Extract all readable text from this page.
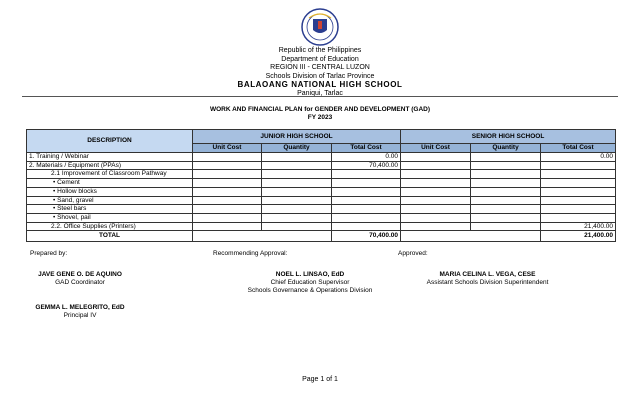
Republic of the Philippines
Department of Education
REGION III - CENTRAL LUZON
Schools Division of Tarlac Province
BALAOANG NATIONAL HIGH SCHOOL
Paniqui, Tarlac
WORK AND FINANCIAL PLAN for GENDER AND DEVELOPMENT (GAD)
FY 2023
DESCRIPTION	JUNIOR HIGH SCHOOL			SENIOR HIGH SCHOOL		
	Unit Cost	Quantity	Total Cost	Unit Cost	Quantity	Total Cost
1. Training / Webinar			0.00			0.00
2. Materials / Equipment (PPAs)			70,400.00			
2.1 Improvement of Classroom Pathway						
• Cement						
• Hollow blocks						
• Sand, gravel						
• Steel bars						
• Shovel, pail						
2.2. Office Supplies (Printers)						21,400.00
TOTAL			70,400.00			21,400.00
Prepared by:	Recommending Approval:	Approved:
JAVE GENE O. DE AQUINO
GAD Coordinator
GEMMA L. MELEGRITO, EdD
Principal IV
NOEL L. LINSAO, EdD
Chief Education Supervisor
Schools Governance & Operations Division
MARIA CELINA L. VEGA, CESE
Assistant Schools Division Superintendent
Page 1 of 1
